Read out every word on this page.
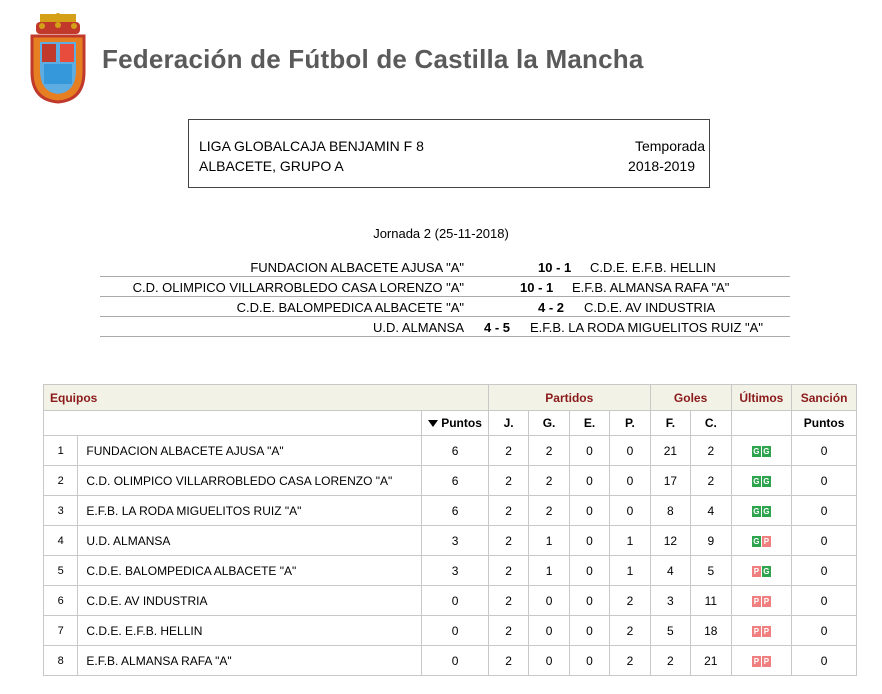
Federación de Fútbol de Castilla la Mancha
LIGA GLOBALCAJA BENJAMIN F 8
ALBACETE, GRUPO A
Temporada
2018-2019
Jornada 2 (25-11-2018)
FUNDACION ALBACETE AJUSA "A"	10 - 1 C.D.E. E.F.B. HELLIN
C.D. OLIMPICO VILLARROBLEDO CASA LORENZO "A"	10 - 1 E.F.B. ALMANSA RAFA "A"
C.D.E. BALOMPEDICA ALBACETE "A"	4 - 2 C.D.E. AV INDUSTRIA
U.D. ALMANSA 4 - 5 E.F.B. LA RODA MIGUELITOS RUIZ "A"
Equipos			Partidos				Goles		Últimos	Sanción
		Puntos	J.	G.	E.	P.	F.	C.		Puntos
1	FUNDACION ALBACETE AJUSA "A"	6	2	2	0	0	21	2	G G	0
2	C.D. OLIMPICO VILLARROBLEDO CASA LORENZO "A"	6	2	2	0	0	17	2	G G	0
3	E.F.B. LA RODA MIGUELITOS RUIZ "A"	6	2	2	0	0	8	4	G G	0
4	U.D. ALMANSA	3	2	1	0	1	12	9	G P	0
5	C.D.E. BALOMPEDICA ALBACETE "A"	3	2	1	0	1	4	5	P G	0
6	C.D.E. AV INDUSTRIA	0	2	0	0	2	3	11	P P	0
7	C.D.E. E.F.B. HELLIN	0	2	0	0	2	5	18	P P	0
8	E.F.B. ALMANSA RAFA "A"	0	2	0	0	2	2	21	P P	0
